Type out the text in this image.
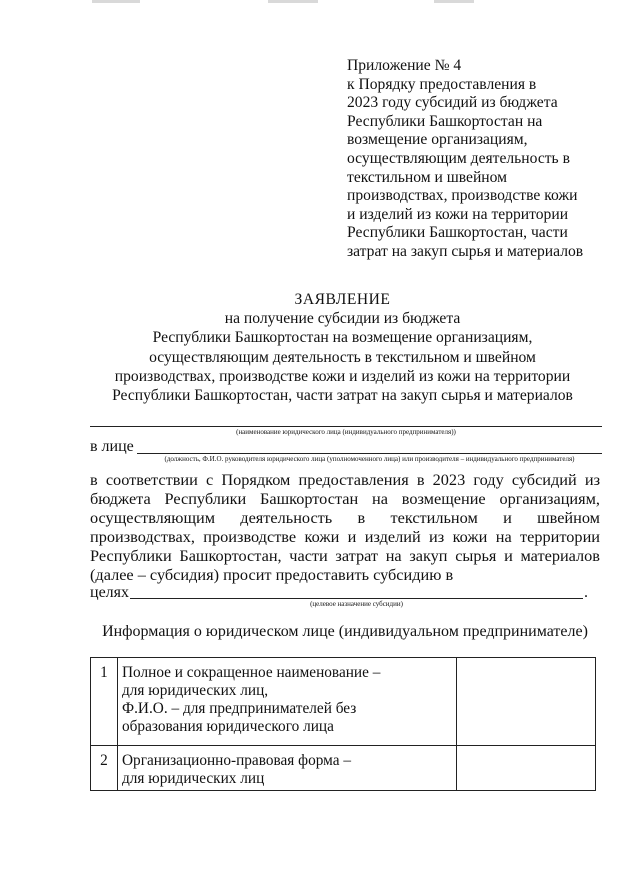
Приложение № 4
к Порядку предоставления в
2023 году субсидий из бюджета
Республики Башкортостан на
возмещение организациям,
осуществляющим деятельность в
текстильном и швейном
производствах, производстве кожи
и изделий из кожи на территории
Республики Башкортостан, части
затрат на закуп сырья и материалов
ЗАЯВЛЕНИЕ
на получение субсидии из бюджета
Республики Башкортостан на возмещение организациям,
осуществляющим деятельность в текстильном и швейном
производствах, производстве кожи и изделий из кожи на территории
Республики Башкортостан, части затрат на закуп сырья и материалов
(наименование юридического лица (индивидуального предпринимателя))
в лице
(должность, Ф.И.О. руководителя юридического лица (уполномоченного лица) или производителя – индивидуального предпринимателя)
в соответствии с Порядком предоставления в 2023 году субсидий из бюджета Республики Башкортостан на возмещение организациям, осуществляющим деятельность в текстильном и швейном производствах, производстве кожи и изделий из кожи на территории Республики Башкортостан, части затрат на закуп сырья и материалов (далее – субсидия) просит предоставить субсидию в
целях	.
(целевое назначение субсидии)
Информация о юридическом лице (индивидуальном предпринимателе)
1	Полное и сокращенное наименование –
для юридических лиц,
Ф.И.О. – для предпринимателей без
образования юридического лица	
2	Организационно-правовая форма –
для юридических лиц	
